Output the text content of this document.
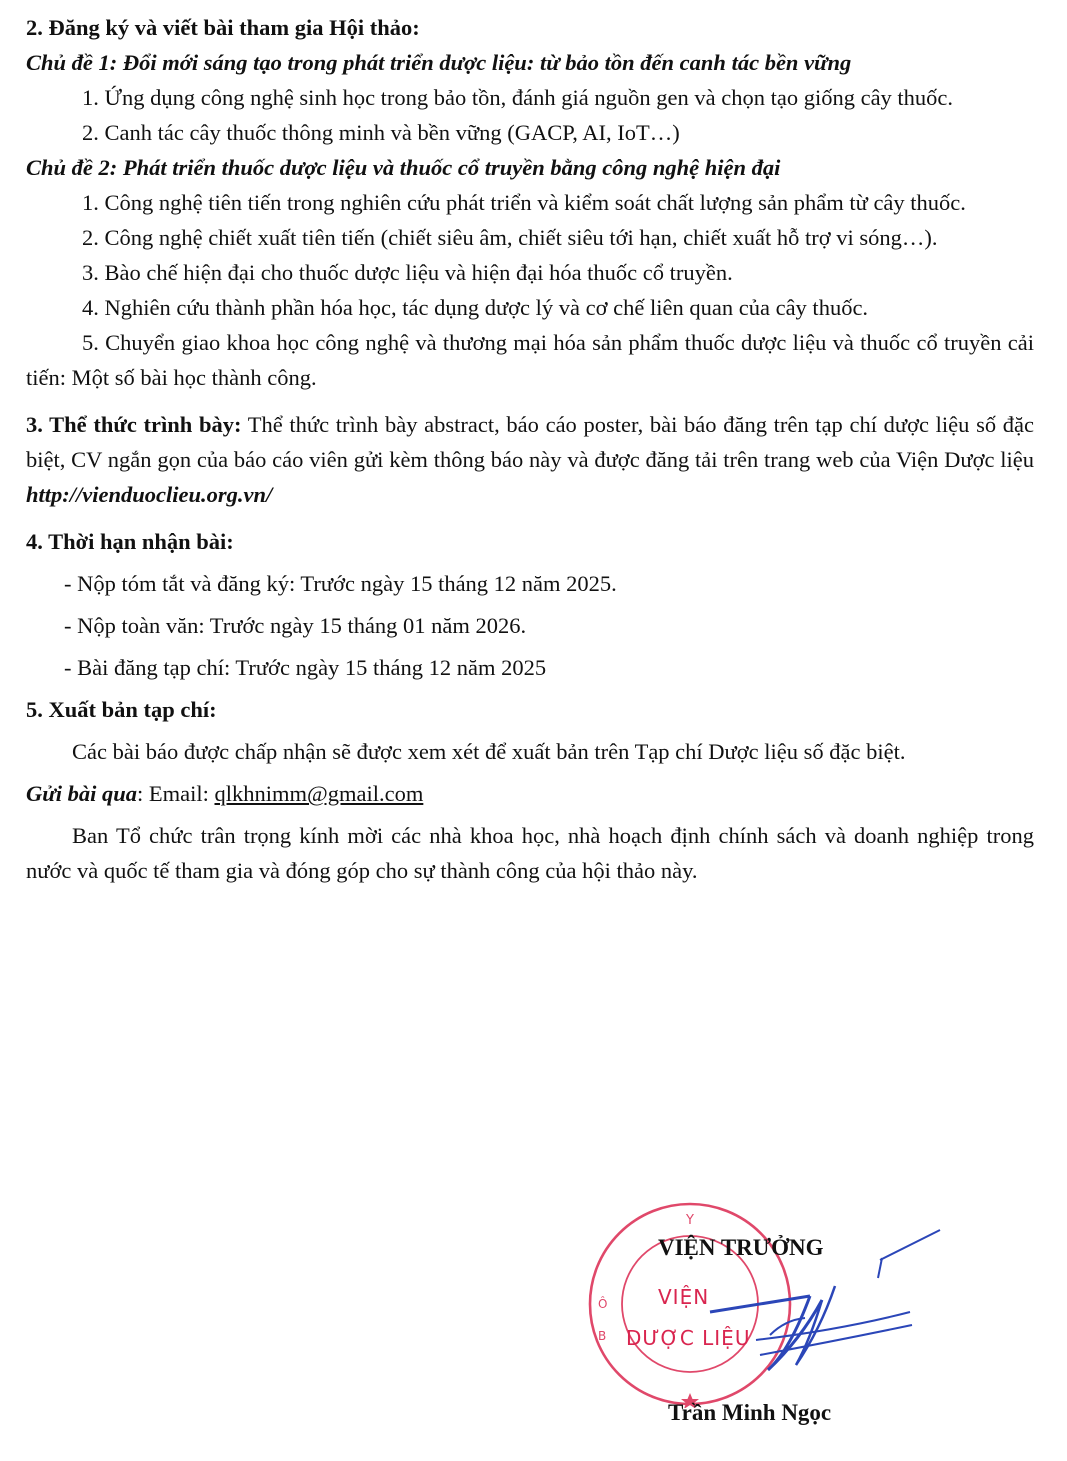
2. Đăng ký và viết bài tham gia Hội thảo:

Chủ đề 1: Đổi mới sáng tạo trong phát triển dược liệu: từ bảo tồn đến canh tác bền vững

1. Ứng dụng công nghệ sinh học trong bảo tồn, đánh giá nguồn gen và chọn tạo giống cây thuốc.

2. Canh tác cây thuốc thông minh và bền vững (GACP, AI, IoT…)

Chủ đề 2: Phát triển thuốc dược liệu và thuốc cổ truyền bằng công nghệ hiện đại

1. Công nghệ tiên tiến trong nghiên cứu phát triển và kiểm soát chất lượng sản phẩm từ cây thuốc.

2. Công nghệ chiết xuất tiên tiến (chiết siêu âm, chiết siêu tới hạn, chiết xuất hỗ trợ vi sóng…).

3. Bào chế hiện đại cho thuốc dược liệu và hiện đại hóa thuốc cổ truyền.

4. Nghiên cứu thành phần hóa học, tác dụng dược lý và cơ chế liên quan của cây thuốc.

5. Chuyển giao khoa học công nghệ và thương mại hóa sản phẩm thuốc dược liệu và thuốc cổ truyền cải tiến: Một số bài học thành công.

3. Thể thức trình bày: Thể thức trình bày abstract, báo cáo poster, bài báo đăng trên tạp chí dược liệu số đặc biệt, CV ngắn gọn của báo cáo viên gửi kèm thông báo này và được đăng tải trên trang web của Viện Dược liệu http://vienduoclieu.org.vn/

4. Thời hạn nhận bài:

- Nộp tóm tắt và đăng ký: Trước ngày 15 tháng 12 năm 2025.

- Nộp toàn văn: Trước ngày 15 tháng 01 năm 2026.

- Bài đăng tạp chí: Trước ngày 15 tháng 12 năm 2025

5. Xuất bản tạp chí:

Các bài báo được chấp nhận sẽ được xem xét để xuất bản trên Tạp chí Dược liệu số đặc biệt.

Gửi bài qua: Email: qlkhnimm@gmail.com

Ban Tổ chức trân trọng kính mời các nhà khoa học, nhà hoạch định chính sách và doanh nghiệp trong nước và quốc tế tham gia và đóng góp cho sự thành công của hội thảo này.

Y
Ô
B
VIỆN TRƯỞNG
VIỆN
DƯỢC LIỆU
Trần Minh Ngọc
